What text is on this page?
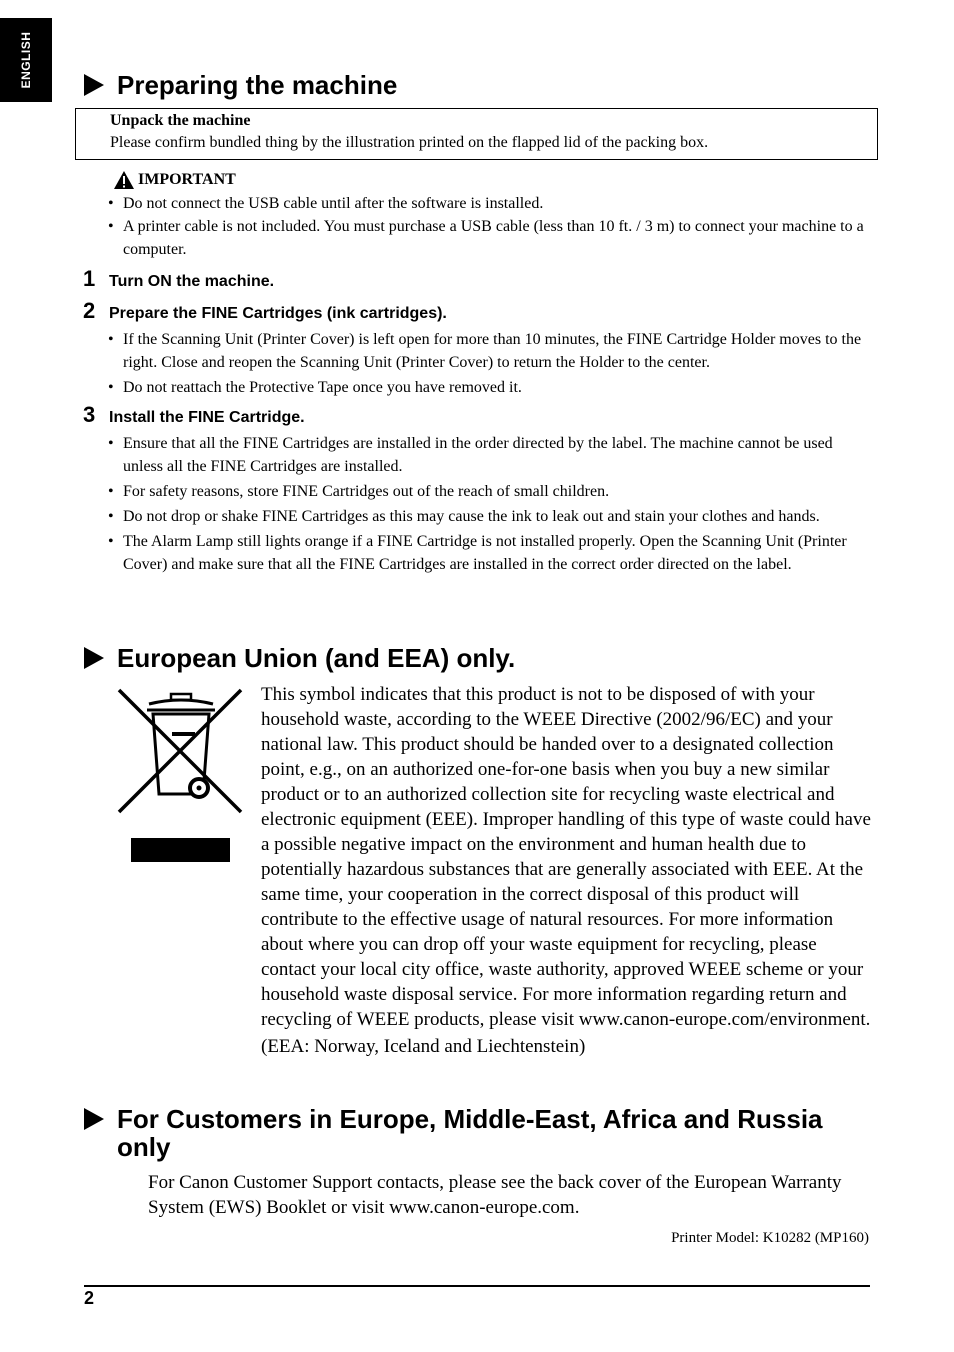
ENGLISH	Preparing the machine
Unpack the machine
Please confirm bundled thing by the illustration printed on the flapped lid of the packing box.
IMPORTANT
• Do not connect the USB cable until after the software is installed.
• A printer cable is not included. You must purchase a USB cable (less than 10 ft. / 3 m) to connect your machine to a computer.
1 Turn ON the machine.
2 Prepare the FINE Cartridges (ink cartridges).
• If the Scanning Unit (Printer Cover) is left open for more than 10 minutes, the FINE Cartridge Holder moves to the right. Close and reopen the Scanning Unit (Printer Cover) to return the Holder to the center.
• Do not reattach the Protective Tape once you have removed it.
3 Install the FINE Cartridge.
• Ensure that all the FINE Cartridges are installed in the order directed by the label. The machine cannot be used unless all the FINE Cartridges are installed.
• For safety reasons, store FINE Cartridges out of the reach of small children.
• Do not drop or shake FINE Cartridges as this may cause the ink to leak out and stain your clothes and hands.
• The Alarm Lamp still lights orange if a FINE Cartridge is not installed properly. Open the Scanning Unit (Printer Cover) and make sure that all the FINE Cartridges are installed in the correct order directed on the label.
European Union (and EEA) only.
This symbol indicates that this product is not to be disposed of with your household waste, according to the WEEE Directive (2002/96/EC) and your national law. This product should be handed over to a designated collection point, e.g., on an authorized one-for-one basis when you buy a new similar product or to an authorized collection site for recycling waste electrical and electronic equipment (EEE). Improper handling of this type of waste could have a possible negative impact on the environment and human health due to potentially hazardous substances that are generally associated with EEE. At the same time, your cooperation in the correct disposal of this product will contribute to the effective usage of natural resources. For more information about where you can drop off your waste equipment for recycling, please contact your local city office, waste authority, approved WEEE scheme or your household waste disposal service. For more information regarding return and recycling of WEEE products, please visit www.canon-europe.com/environment.
(EEA: Norway, Iceland and Liechtenstein)
For Customers in Europe, Middle-East, Africa and Russia
only
For Canon Customer Support contacts, please see the back cover of the European Warranty System (EWS) Booklet or visit www.canon-europe.com.
Printer Model: K10282 (MP160)
2
